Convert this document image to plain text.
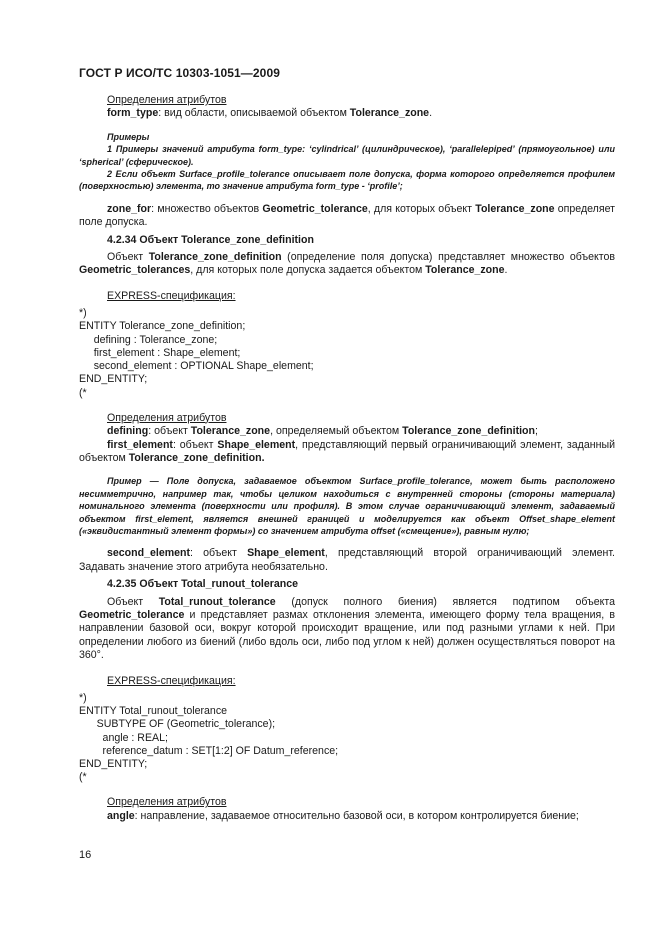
ГОСТ Р ИСО/ТС 10303-1051—2009

Определения атрибутов

form_type: вид области, описываемой объектом Tolerance_zone.

Примеры

1 Примеры значений атрибута form_type: ‘cylindrical’ (цилиндрическое), ‘parallelepiped’ (прямоугольное) или ‘spherical’ (сферическое).

2 Если объект Surface_profile_tolerance описывает поле допуска, форма которого определяется профилем (поверхностью) элемента, то значение атрибута form_type - ‘profile’;

zone_for: множество объектов Geometric_tolerance, для которых объект Tolerance_zone определяет поле допуска.

4.2.34 Объект Tolerance_zone_definition

Объект Tolerance_zone_definition (определение поля допуска) представляет множество объектов Geometric_tolerances, для которых поле допуска задается объектом Tolerance_zone.

EXPRESS-спецификация:

*)
ENTITY Tolerance_zone_definition;
defining : Tolerance_zone;
first_element : Shape_element;
second_element : OPTIONAL Shape_element;
END_ENTITY;
(*

Определения атрибутов

defining: объект Tolerance_zone, определяемый объектом Tolerance_zone_definition;

first_element: объект Shape_element, представляющий первый ограничивающий элемент, заданный объектом Tolerance_zone_definition.

Пример — Поле допуска, задаваемое объектом Surface_profile_tolerance, может быть расположено несимметрично, например так, чтобы целиком находиться с внутренней стороны (стороны материала) номинального элемента (поверхности или профиля). В этом случае ограничивающий элемент, задаваемый объектом first_element, является внешней границей и моделируется как объект Offset_shape_element («эквидистантный элемент формы») со значением атрибута offset («смещение»), равным нулю;

second_element: объект Shape_element, представляющий второй ограничивающий элемент. Задавать значение этого атрибута необязательно.

4.2.35 Объект Total_runout_tolerance

Объект Total_runout_tolerance (допуск полного биения) является подтипом объекта Geometric_tolerance и представляет размах отклонения элемента, имеющего форму тела вращения, в направлении базовой оси, вокруг которой происходит вращение, или под разными углами к ней. При определении любого из биений (либо вдоль оси, либо под углом к ней) должен осуществляться поворот на 360°.

EXPRESS-спецификация:

*)
ENTITY Total_runout_tolerance
SUBTYPE OF (Geometric_tolerance);
angle : REAL;
reference_datum : SET[1:2] OF Datum_reference;
END_ENTITY;
(*

Определения атрибутов

angle: направление, задаваемое относительно базовой оси, в котором контролируется биение;

16
